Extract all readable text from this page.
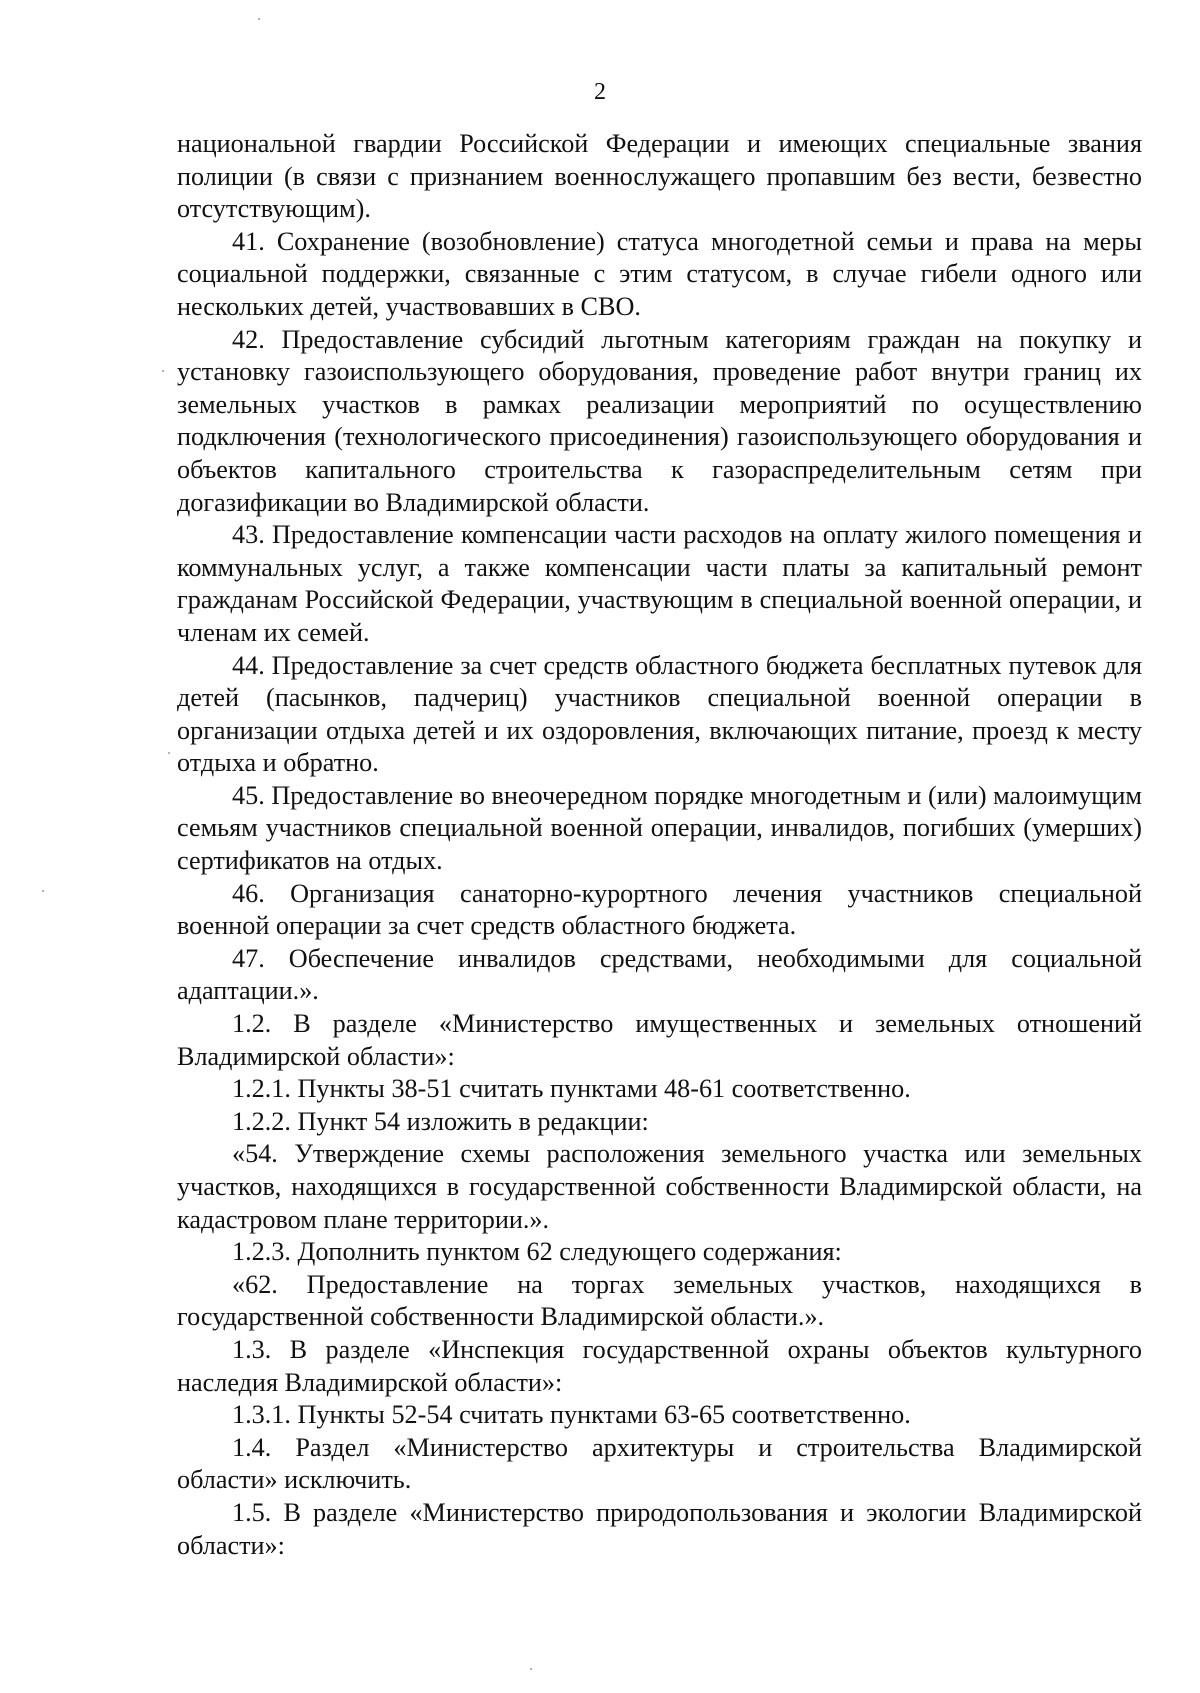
2

национальной гвардии Российской Федерации и имеющих специальные звания полиции (в связи с признанием военнослужащего пропавшим без вести, безвестно отсутствующим).

41. Сохранение (возобновление) статуса многодетной семьи и права на меры социальной поддержки, связанные с этим статусом, в случае гибели одного или нескольких детей, участвовавших в СВО.

42. Предоставление субсидий льготным категориям граждан на покупку и установку газоиспользующего оборудования, проведение работ внутри границ их земельных участков в рамках реализации мероприятий по осуществлению подключения (технологического присоединения) газоиспользующего оборудования и объектов капитального строительства к газораспределительным сетям при догазификации во Владимирской области.

43. Предоставление компенсации части расходов на оплату жилого помещения и коммунальных услуг, а также компенсации части платы за капитальный ремонт гражданам Российской Федерации, участвующим в специальной военной операции, и членам их семей.

44. Предоставление за счет средств областного бюджета бесплатных путевок для детей (пасынков, падчериц) участников специальной военной операции в организации отдыха детей и их оздоровления, включающих питание, проезд к месту отдыха и обратно.

45. Предоставление во внеочередном порядке многодетным и (или) малоимущим семьям участников специальной военной операции, инвалидов, погибших (умерших) сертификатов на отдых.

46. Организация санаторно-курортного лечения участников специальной военной операции за счет средств областного бюджета.

47. Обеспечение инвалидов средствами, необходимыми для социальной адаптации.».

1.2. В разделе «Министерство имущественных и земельных отношений Владимирской области»:

1.2.1. Пункты 38-51 считать пунктами 48-61 соответственно.

1.2.2. Пункт 54 изложить в редакции:

«54. Утверждение схемы расположения земельного участка или земельных участков, находящихся в государственной собственности Владимирской области, на кадастровом плане территории.».

1.2.3. Дополнить пунктом 62 следующего содержания:

«62. Предоставление на торгах земельных участков, находящихся в государственной собственности Владимирской области.».

1.3. В разделе «Инспекция государственной охраны объектов культурного наследия Владимирской области»:

1.3.1. Пункты 52-54 считать пунктами 63-65 соответственно.

1.4. Раздел «Министерство архитектуры и строительства Владимирской области» исключить.

1.5. В разделе «Министерство природопользования и экологии Владимирской области»:
